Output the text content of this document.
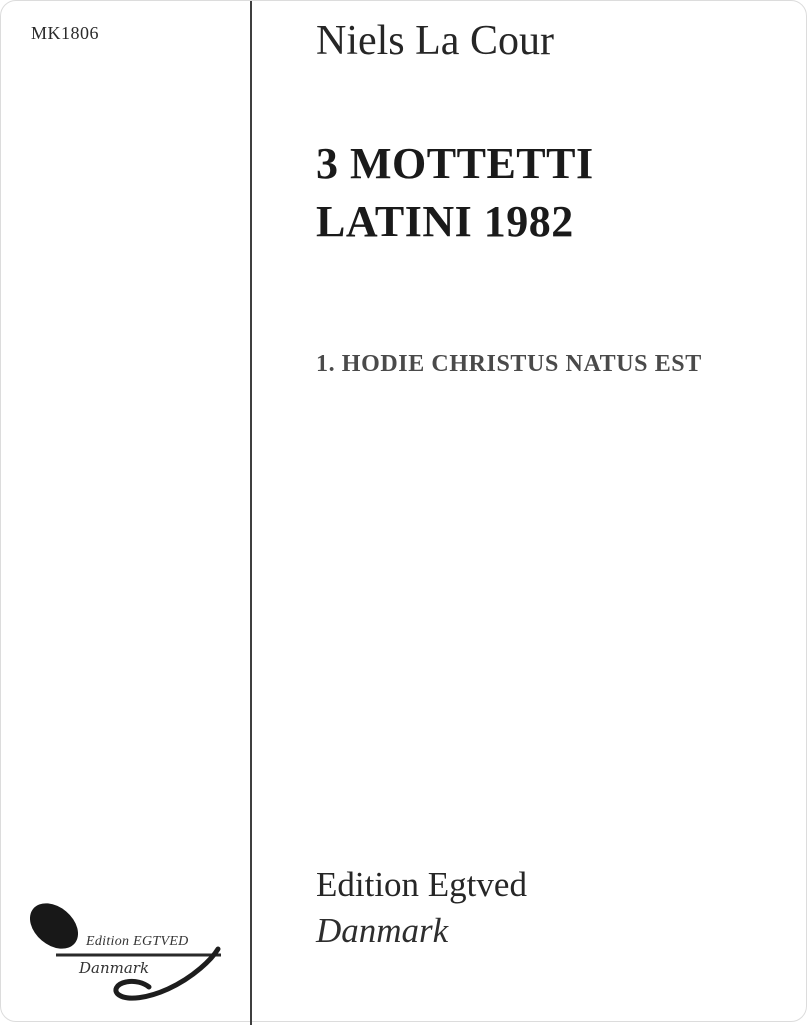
MK1806	Niels La Cour
3 MOTTETTI
LATINI 1982
1. HODIE CHRISTUS NATUS EST
Edition Egtved
Danmark
Edition EGTVED
Danmark
